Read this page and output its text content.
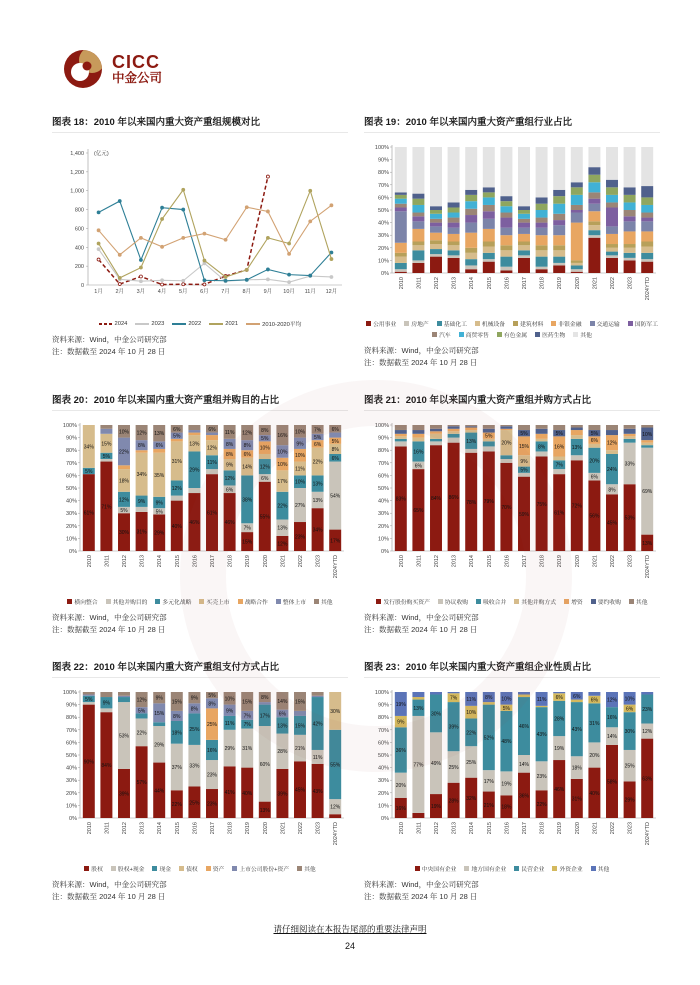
CICC
中金公司
图表 18：2010 年以来国内重大资产重组规模对比
0
200
400
600
800
1,000
1,200
1,400 (亿元)
1月 2月 3月 4月 5月 6月 7月 8月 9月 10月 11月 12月
2024	2023	2022	2021	2010-2020平均

资料来源：Wind，中金公司研究部

注：数据截至 2024 年 10 月 28 日

图表 19：2010 年以来国内重大资产重组行业占比
0%
10%
20%
30%
40%
50%
60%
70%
80%
90%
100%
2010 2011 2012 2013 2014 2015 2016 2017 2018 2019 2020 2021 2022 2023 2024YTD
公用事业	房地产	基础化工	机械设备	建筑材料	非银金融	交通运输	国防军工
汽车	商贸零售	有色金属	医药生物	其他

资料来源：Wind，中金公司研究部

注：数据截至 2024 年 10 月 28 日

图表 20：2010 年以来国内重大资产重组并购目的占比
0%
10%
20%
30%
40%
50%
60%
70%
80%
90%
100%
61%
5%
34%
2010
71%
5%
15%
2011
30%
5%
12%
18%
22%
10%
2012
31%
9%
34%
8%
12%
2013
29%
5%
9%
35%
6%
13%
2014
40%
12%
31%
5%
6%
2015
46%
29%
13%
2016
61%
11%
12%
6%
2017
46%
6%
12%
9%
8%
8%
11%
2018
15%
7%
38%
14%
6%
8%
12%
2019
55%
6%
12%
10%
5%
8%
2020
12%
13%
22%
17%
10%
10%
16%
2021
23%
27%
10%
11%
10%
9%
10%
2022
34%
13%
13%
22%
6%
5%
7%
2023
17%
54%
6%
8%
5%
6%
2024YTD
横向整合	其他并购目的	多元化战略	买壳上市	战略合作	整体上市	其他

资料来源：Wind，中金公司研究部

注：数据截至 2024 年 10 月 28 日

图表 21：2010 年以来国内重大资产重组并购方式占比
0%
10%
20%
30%
40%
50%
60%
70%
80%
90%
100%
83%
2010
65%
6%
16%
2011
84%
2012
86%
2013
78%
13%
2014
79%
5%
2015
70%
20%
2016
59%
5%
9%
15%
5%
2017
75%
8%
2018
61%
7%
16%
5%
2019
72%
13%
2020
56%
6%
20%
6%
5%
2021
45%
8%
24%
12%
2022
53%
33%
2023
13%
69%
10%
2024YTD
发行股份购买资产	协议收购	吸收合并	其他并购方式	增资	要约收购	其他

资料来源：Wind，中金公司研究部

注：数据截至 2024 年 10 月 28 日

图表 22：2010 年以来国内重大资产重组支付方式占比
0%
10%
20%
30%
40%
50%
60%
70%
80%
90%
100%
90%
5%
2010
84%
9%
2011
39%
53%
2012
57%
22%
5%
12%
2013
44%
29%
15%
9%
2014
22%
37%
18%
8%
15%
2015
25%
33%
25%
8%
9%
2016
23%
23%
16%
25%
8%
5%
2017
41%
29%
11%
9%
10%
2018
40%
31%
7%
7%
15%
2019
13%
60%
17%
8%
2020
39%
28%
13%
6%
14%
2021
45%
21%
15%
15%
2022
43%
11%
42%
2023
12%
55%
30%
2024YTD
股权	股权+现金	现金	债权	资产	上市公司股份+资产	其他

资料来源：Wind，中金公司研究部

注：数据截至 2024 年 10 月 28 日

图表 23：2010 年以来国内重大资产重组企业性质占比
0%
10%
20%
30%
40%
50%
60%
70%
80%
90%
100%
16%
20%
36%
9%
19%
2010
77%
13%
2011
19%
49%
30%
2012
28%
25%
39%
7%
2013
32%
25%
22%
10%
11%
2014
21%
17%
52%
8%
2015
18%
19%
48%
5%
10%
2016
36%
14%
46%
2017
22%
23%
43%
11%
2018
46%
19%
28%
6%
2019
31%
18%
43%
6%
2020
40%
20%
31%
6%
2021
58%
14%
16%
12%
2022
29%
25%
30%
6%
10%
2023
63%
12%
23%
2024YTD
中央国有企业	地方国有企业	民营企业	外资企业	其他

资料来源：Wind，中金公司研究部

注：数据截至 2024 年 10 月 28 日

请仔细阅读在本报告尾部的重要法律声明
24
